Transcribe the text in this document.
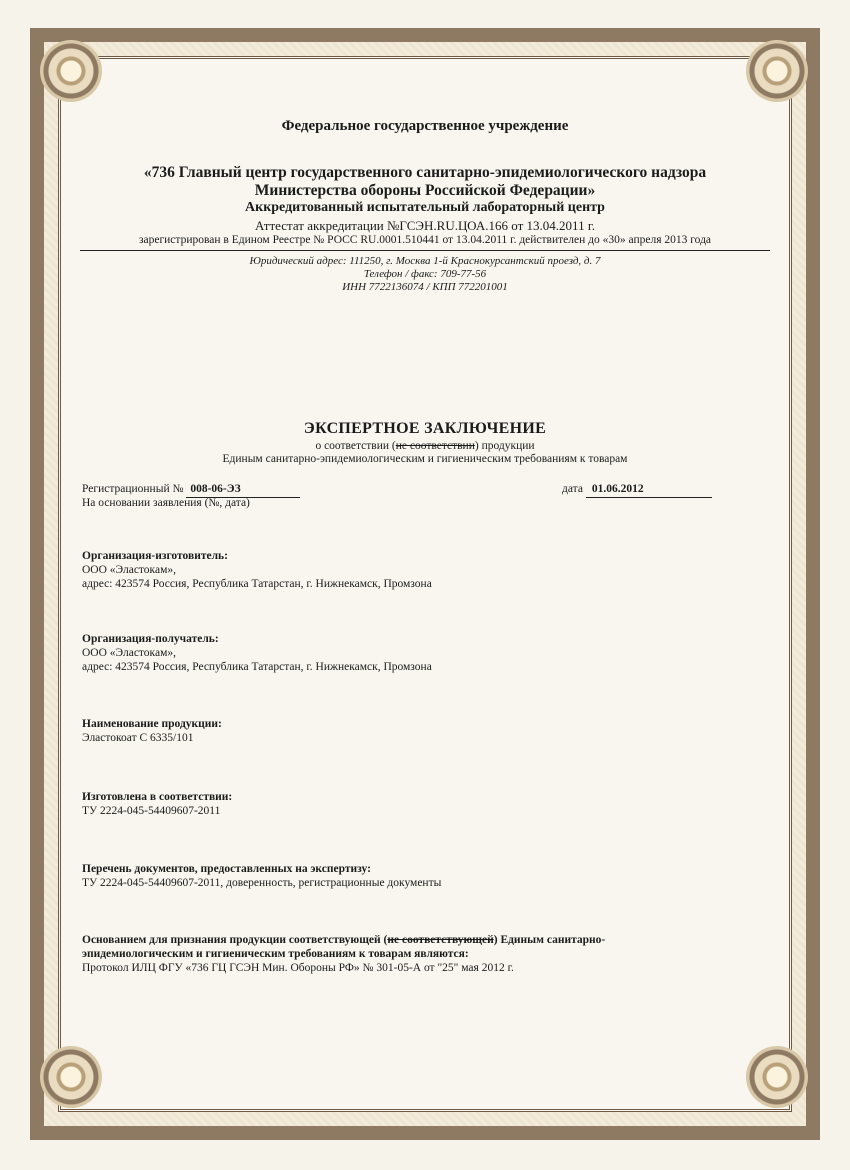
Федеральное государственное учреждение
«736 Главный центр государственного санитарно-эпидемиологического надзора
Министерства обороны Российской Федерации»
Аккредитованный испытательный лабораторный центр
Аттестат аккредитации №ГСЭН.RU.ЦОА.166 от 13.04.2011 г.
зарегистрирован в Едином Реестре № РОСС RU.0001.510441 от 13.04.2011 г. действителен до «30» апреля 2013 года
Юридический адрес: 111250, г. Москва 1-й Краснокурсантский проезд, д. 7
Телефон / факс: 709-77-56
ИНН 7722136074 / КПП 772201001
ЭКСПЕРТНОЕ ЗАКЛЮЧЕНИЕ
о соответствии (не соответствии) продукции
Единым санитарно-эпидемиологическим и гигиеническим требованиям к товарам
Регистрационный № 008-06-ЭЗ	дата 01.06.2012
На основании заявления (№, дата)
Организация-изготовитель:
ООО «Эластокам»,
адрес: 423574 Россия, Республика Татарстан, г. Нижнекамск, Промзона
Организация-получатель:
ООО «Эластокам»,
адрес: 423574 Россия, Республика Татарстан, г. Нижнекамск, Промзона
Наименование продукции:
Эластокоат С 6335/101
Изготовлена в соответствии:
ТУ 2224-045-54409607-2011
Перечень документов, предоставленных на экспертизу:
ТУ 2224-045-54409607-2011, доверенность, регистрационные документы
Основанием для признания продукции соответствующей (не соответствующей) Единым санитарно-
эпидемиологическим и гигиеническим требованиям к товарам являются:
Протокол ИЛЦ ФГУ «736 ГЦ ГСЭН Мин. Обороны РФ» № 301-05-А от "25" мая 2012 г.
